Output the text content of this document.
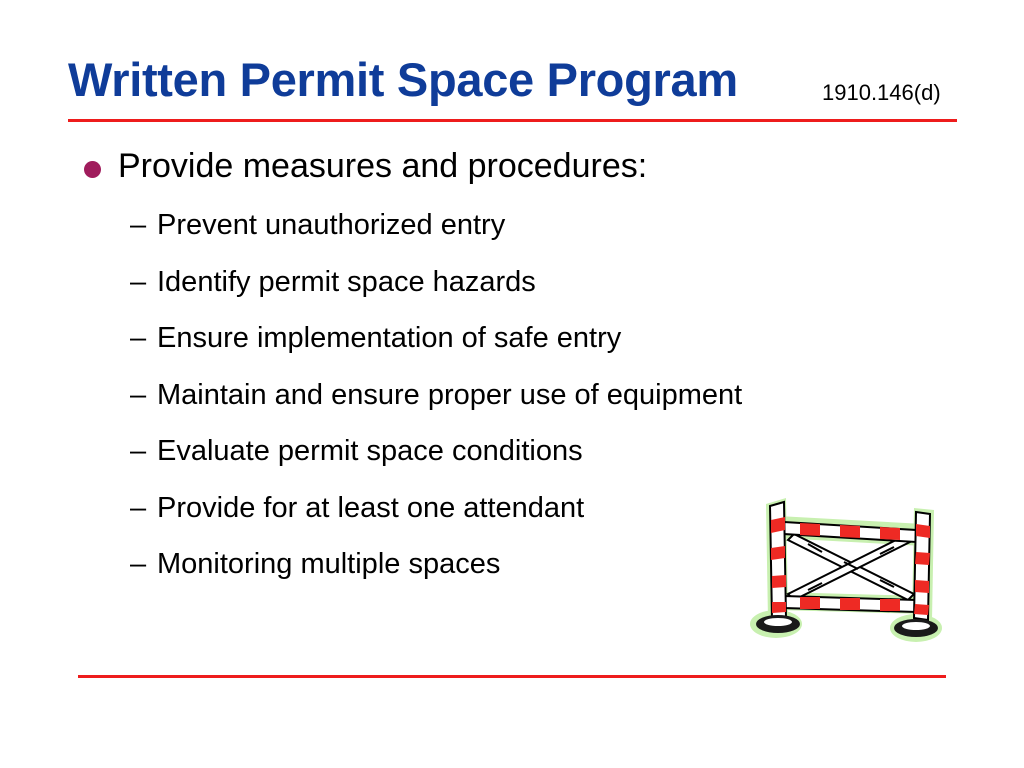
Written Permit Space Program	1910.146(d)
Provide measures and procedures:
– Prevent unauthorized entry
– Identify permit space hazards
– Ensure implementation of safe entry
– Maintain and ensure proper use of equipment
– Evaluate permit space conditions
– Provide for at least one attendant
– Monitoring multiple spaces
